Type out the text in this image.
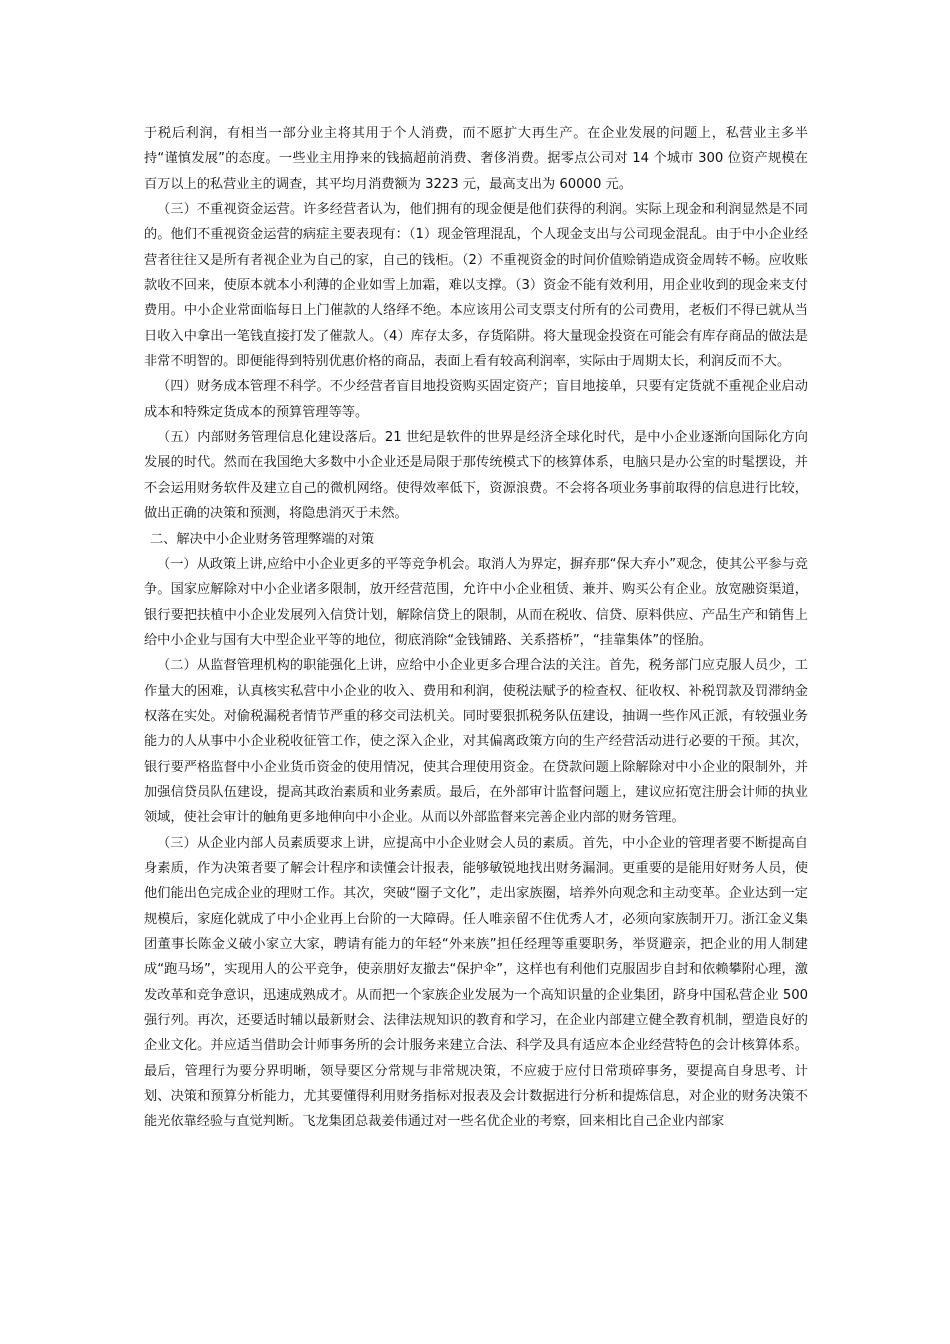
于税后利润，有相当一部分业主将其用于个人消费，而不愿扩大再生产。在企业发展的问题上，私营业主多半持“谨慎发展”的态度。一些业主用挣来的钱搞超前消费、奢侈消费。据零点公司对 14 个城市 300 位资产规模在百万以上的私营业主的调查，其平均月消费额为 3223 元，最高支出为 60000 元。

（三）不重视资金运营。许多经营者认为，他们拥有的现金便是他们获得的利润。实际上现金和利润显然是不同的。他们不重视资金运营的病症主要表现有：（1）现金管理混乱，个人现金支出与公司现金混乱。由于中小企业经营者往往又是所有者视企业为自己的家，自己的钱柜。（2）不重视资金的时间价值赊销造成资金周转不畅。应收账款收不回来，使原本就本小利薄的企业如雪上加霜，难以支撑。（3）资金不能有效利用，用企业收到的现金来支付费用。中小企业常面临每日上门催款的人络绎不绝。本应该用公司支票支付所有的公司费用，老板们不得已就从当日收入中拿出一笔钱直接打发了催款人。（4）库存太多，存货陷阱。将大量现金投资在可能会有库存商品的做法是非常不明智的。即便能得到特别优惠价格的商品，表面上看有较高利润率，实际由于周期太长，利润反而不大。

（四）财务成本管理不科学。不少经营者盲目地投资购买固定资产；盲目地接单，只要有定货就不重视企业启动成本和特殊定货成本的预算管理等等。

（五）内部财务管理信息化建设落后。21 世纪是软件的世界是经济全球化时代，是中小企业逐渐向国际化方向发展的时代。然而在我国绝大多数中小企业还是局限于那传统模式下的核算体系，电脑只是办公室的时髦摆设，并不会运用财务软件及建立自己的微机网络。使得效率低下，资源浪费。不会将各项业务事前取得的信息进行比较，做出正确的决策和预测，将隐患消灭于未然。

二、解决中小企业财务管理弊端的对策

（一）从政策上讲,应给中小企业更多的平等竞争机会。取消人为界定，摒弃那“保大弃小”观念，使其公平参与竞争。国家应解除对中小企业诸多限制，放开经营范围，允许中小企业租赁、兼并、购买公有企业。放宽融资渠道，银行要把扶植中小企业发展列入信贷计划，解除信贷上的限制，从而在税收、信贷、原料供应、产品生产和销售上给中小企业与国有大中型企业平等的地位，彻底消除“金钱铺路、关系搭桥”，“挂靠集体”的怪胎。

（二）从监督管理机构的职能强化上讲，应给中小企业更多合理合法的关注。首先，税务部门应克服人员少，工作量大的困难，认真核实私营中小企业的收入、费用和利润，使税法赋予的检查权、征收权、补税罚款及罚滞纳金权落在实处。对偷税漏税者情节严重的移交司法机关。同时要狠抓税务队伍建设，抽调一些作风正派，有较强业务能力的人从事中小企业税收征管工作，使之深入企业，对其偏离政策方向的生产经营活动进行必要的干预。其次，银行要严格监督中小企业货币资金的使用情况，使其合理使用资金。在贷款问题上除解除对中小企业的限制外，并加强信贷员队伍建设，提高其政治素质和业务素质。最后，在外部审计监督问题上，建议应拓宽注册会计师的执业领域，使社会审计的触角更多地伸向中小企业。从而以外部监督来完善企业内部的财务管理。

（三）从企业内部人员素质要求上讲，应提高中小企业财会人员的素质。首先，中小企业的管理者要不断提高自身素质，作为决策者要了解会计程序和读懂会计报表，能够敏锐地找出财务漏洞。更重要的是能用好财务人员，使他们能出色完成企业的理财工作。其次，突破“圈子文化”，走出家族圈，培养外向观念和主动变革。企业达到一定规模后，家庭化就成了中小企业再上台阶的一大障碍。任人唯亲留不住优秀人才，必须向家族制开刀。浙江金义集团董事长陈金义破小家立大家，聘请有能力的年轻“外来族”担任经理等重要职务，举贤避亲，把企业的用人制建成“跑马场”，实现用人的公平竞争，使亲朋好友撤去“保护伞”，这样也有利他们克服固步自封和依赖攀附心理，激发改革和竞争意识，迅速成熟成才。从而把一个家族企业发展为一个高知识量的企业集团，跻身中国私营企业 500 强行列。再次，还要适时辅以最新财会、法律法规知识的教育和学习，在企业内部建立健全教育机制，塑造良好的企业文化。并应适当借助会计师事务所的会计服务来建立合法、科学及具有适应本企业经营特色的会计核算体系。最后，管理行为要分界明晰，领导要区分常规与非常规决策，不应疲于应付日常琐碎事务，要提高自身思考、计划、决策和预算分析能力，尤其要懂得利用财务指标对报表及会计数据进行分析和提炼信息，对企业的财务决策不能光依靠经验与直觉判断。飞龙集团总裁姜伟通过对一些名优企业的考察，回来相比自己企业内部家
